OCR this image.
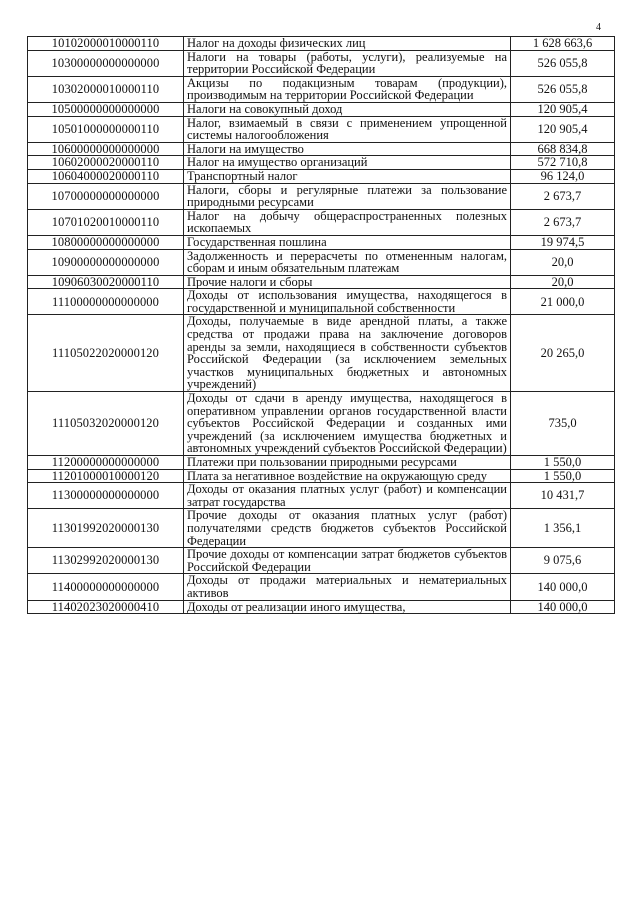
4
10102000010000110	Налог на доходы физических лиц	1 628 663,6
10300000000000000	Налоги на товары (работы, услуги), реализуемые на территории Российской Федерации	526 055,8
10302000010000110	Акцизы по подакцизным товарам (продукции), производимым на территории Российской Федерации	526 055,8
10500000000000000	Налоги на совокупный доход	120 905,4
10501000000000110	Налог, взимаемый в связи с применением упрощенной системы налогообложения	120 905,4
10600000000000000	Налоги на имущество	668 834,8
10602000020000110	Налог на имущество организаций	572 710,8
10604000020000110	Транспортный налог	96 124,0
10700000000000000	Налоги, сборы и регулярные платежи за пользование природными ресурсами	2 673,7
10701020010000110	Налог на добычу общераспространенных полезных ископаемых	2 673,7
10800000000000000	Государственная пошлина	19 974,5
10900000000000000	Задолженность и перерасчеты по отмененным налогам, сборам и иным обязательным платежам	20,0
10906030020000110	Прочие налоги и сборы	20,0
11100000000000000	Доходы от использования имущества, находящегося в государственной и муниципальной собственности	21 000,0
11105022020000120	Доходы, получаемые в виде арендной платы, а также средства от продажи права на заключение договоров аренды за земли, находящиеся в собственности субъектов Российской Федерации (за исключением земельных участков муниципальных бюджетных и автономных учреждений)	20 265,0
11105032020000120	Доходы от сдачи в аренду имущества, находящегося в оперативном управлении органов государственной власти субъектов Российской Федерации и созданных ими учреждений (за исключением имущества бюджетных и автономных учреждений субъектов Российской Федерации)	735,0
11200000000000000	Платежи при пользовании природными ресурсами	1 550,0
11201000010000120	Плата за негативное воздействие на окружающую среду	1 550,0
11300000000000000	Доходы от оказания платных услуг (работ) и компенсации затрат государства	10 431,7
11301992020000130	Прочие доходы от оказания платных услуг (работ) получателями средств бюджетов субъектов Российской Федерации	1 356,1
11302992020000130	Прочие доходы от компенсации затрат бюджетов субъектов Российской Федерации	9 075,6
11400000000000000	Доходы от продажи материальных и нематериальных активов	140 000,0
11402023020000410	Доходы от реализации иного имущества,	140 000,0
